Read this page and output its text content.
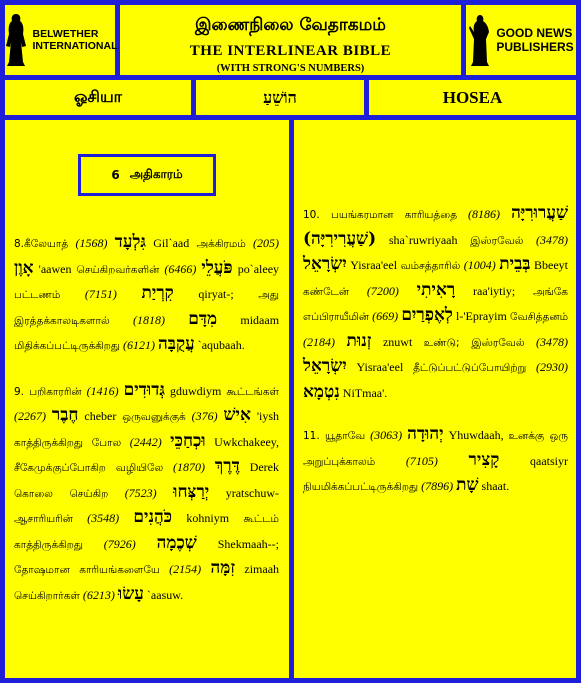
BELWETHER
INTERNATIONAL
இணைநிலை வேதாகமம்
THE INTERLINEAR BIBLE
(WITH STRONG'S NUMBERS)
GOOD NEWS
PUBLISHERS
ஓசியா	הוֹשֵׁעַ	HOSEA
6 அதிகாரம்

8.கீலேயாத் (1568) גִּלְעָד Gil`aad அக்கிரமம் (205) אָוֶן 'aawen செய்கிறவர்களின் (6466) פֹּעֲלֵי po`aleey பட்டணம் (7151) קִרְיַת qiryat-; அது இரத்தக்காலடிகளால் (1818) מִדָּם midaam மிதிக்கப்பட்டிருக்கிறது (6121) עֲקֻבָּה `aqubaah.

9. பறிகாரரின் (1416) גְּדוּדִים gduwdiym கூட்டங்கள் (2267) חֶבֶר cheber ஒருவனுக்குக் (376) אִישׁ 'iysh காத்திருக்கிறது போல (2442) וּכְחַכֵּי Uwkchakeey, சீகேமுக்குப்போகிற வழியிலே (1870) דֶּרֶךְ Derek கொலை செய்கிற (7523) יְרַצְּחוּ yratschuw- ஆசாரியரின் (3548) כֹּהֲנִים kohniym கூட்டம் காத்திருக்கிறது (7926) שְׁכֶמָה Shekmaah--; தோஷமான காரியங்களையே (2154) זִמָּה zimaah செய்கிறார்கள் (6213) עָשׂוּ `aasuw.

10. பயங்கரமான காரியத்தை (8186) שַׁעֲרוּרִיָּה (שַׁעֲרִירִיָּה) sha`ruwriyaah இஸ்ரவேல் (3478) יִשְׂרָאֵל Yisraa'eel வம்சத்தாரில் (1004) בְּבֵית Bbeeyt கண்டேன் (7200) רָאִיתִי raa'iytiy; அங்கே எப்பிராயீமின் (669) לְאֶפְרַיִם l-'Eprayim வேசித்தனம் (2184) זְנוּת znuwt உண்டு; இஸ்ரவேல் (3478) יִשְׂרָאֵל Yisraa'eel தீட்டுப்பட்டுப்போயிற்று (2930) נִטְמָא NiTmaa'.

11. யூதாவே (3063) יְהוּדָה Yhuwdaah, உனக்கு ஒரு அறுப்புக்காலம்	(7105) קָצִיר	qaatsiyr நியமிக்கப்பட்டிருக்கிறது (7896) שָׁת shaat.
